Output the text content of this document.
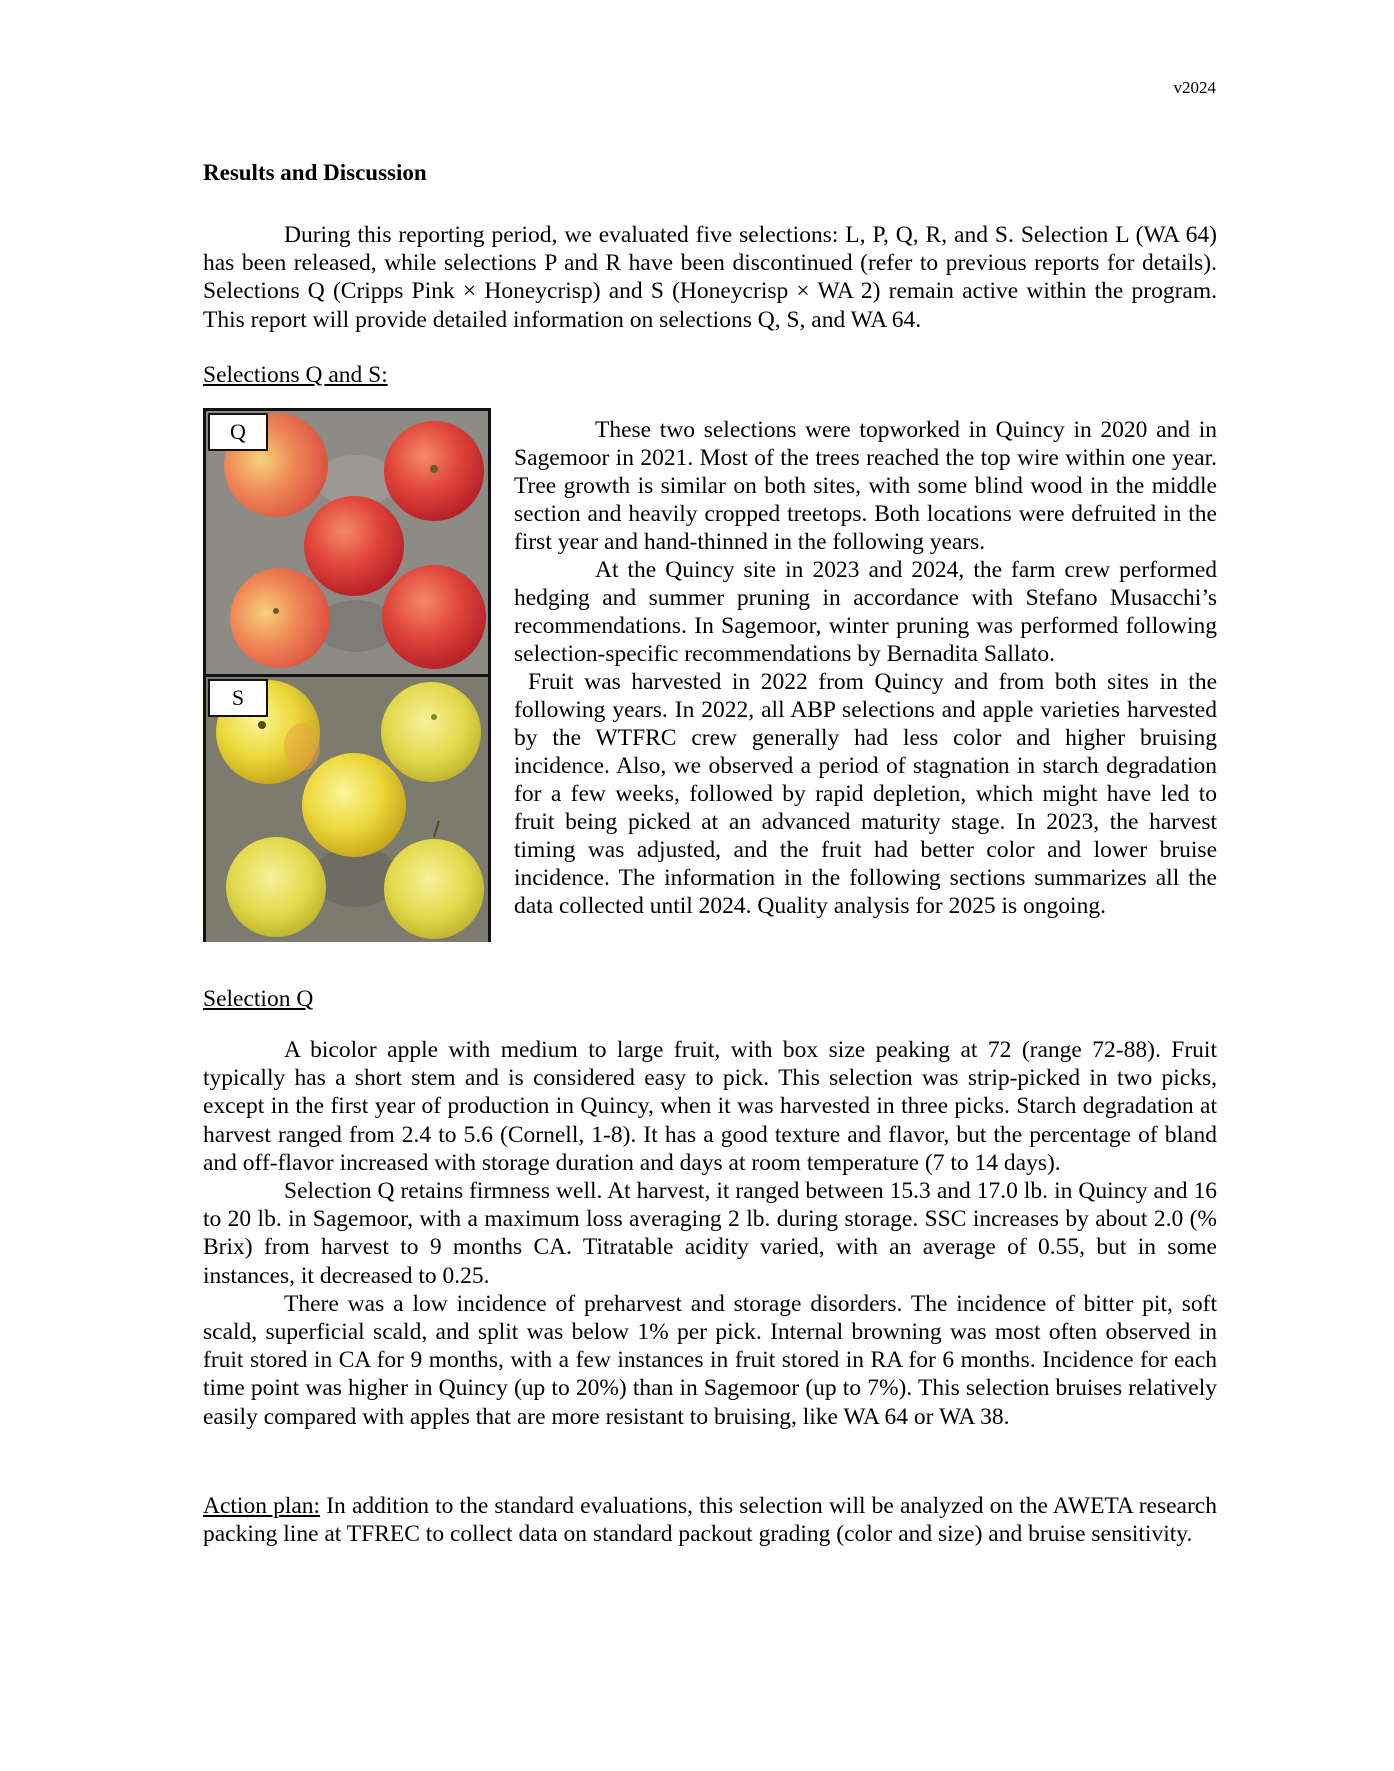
v2024
Results and Discussion

During this reporting period, we evaluated five selections: L, P, Q, R, and S. Selection L (WA 64) has been released, while selections P and R have been discontinued (refer to previous reports for details). Selections Q (Cripps Pink × Honeycrisp) and S (Honeycrisp × WA 2) remain active within the program. This report will provide detailed information on selections Q, S, and WA 64.

Selections Q and S:
Q
S

These two selections were topworked in Quincy in 2020 and in Sagemoor in 2021. Most of the trees reached the top wire within one year. Tree growth is similar on both sites, with some blind wood in the middle section and heavily cropped treetops. Both locations were defruited in the first year and hand-thinned in the following years.

At the Quincy site in 2023 and 2024, the farm crew performed hedging and summer pruning in accordance with Stefano Musacchi’s recommendations. In Sagemoor, winter pruning was performed following selection-specific recommendations by Bernadita Sallato.

Fruit was harvested in 2022 from Quincy and from both sites in the following years. In 2022, all ABP selections and apple varieties harvested by the WTFRC crew generally had less color and higher bruising incidence. Also, we observed a period of stagnation in starch degradation for a few weeks, followed by rapid depletion, which might have led to fruit being picked at an advanced maturity stage. In 2023, the harvest timing was adjusted, and the fruit had better color and lower bruise incidence. The information in the following sections summarizes all the data collected until 2024. Quality analysis for 2025 is ongoing.

Selection Q

A bicolor apple with medium to large fruit, with box size peaking at 72 (range 72-88). Fruit typically has a short stem and is considered easy to pick. This selection was strip-picked in two picks, except in the first year of production in Quincy, when it was harvested in three picks. Starch degradation at harvest ranged from 2.4 to 5.6 (Cornell, 1-8). It has a good texture and flavor, but the percentage of bland and off-flavor increased with storage duration and days at room temperature (7 to 14 days).

Selection Q retains firmness well. At harvest, it ranged between 15.3 and 17.0 lb. in Quincy and 16 to 20 lb. in Sagemoor, with a maximum loss averaging 2 lb. during storage. SSC increases by about 2.0 (% Brix) from harvest to 9 months CA. Titratable acidity varied, with an average of 0.55, but in some instances, it decreased to 0.25.

There was a low incidence of preharvest and storage disorders. The incidence of bitter pit, soft scald, superficial scald, and split was below 1% per pick. Internal browning was most often observed in fruit stored in CA for 9 months, with a few instances in fruit stored in RA for 6 months. Incidence for each time point was higher in Quincy (up to 20%) than in Sagemoor (up to 7%). This selection bruises relatively easily compared with apples that are more resistant to bruising, like WA 64 or WA 38.

Action plan: In addition to the standard evaluations, this selection will be analyzed on the AWETA research packing line at TFREC to collect data on standard packout grading (color and size) and bruise sensitivity.
